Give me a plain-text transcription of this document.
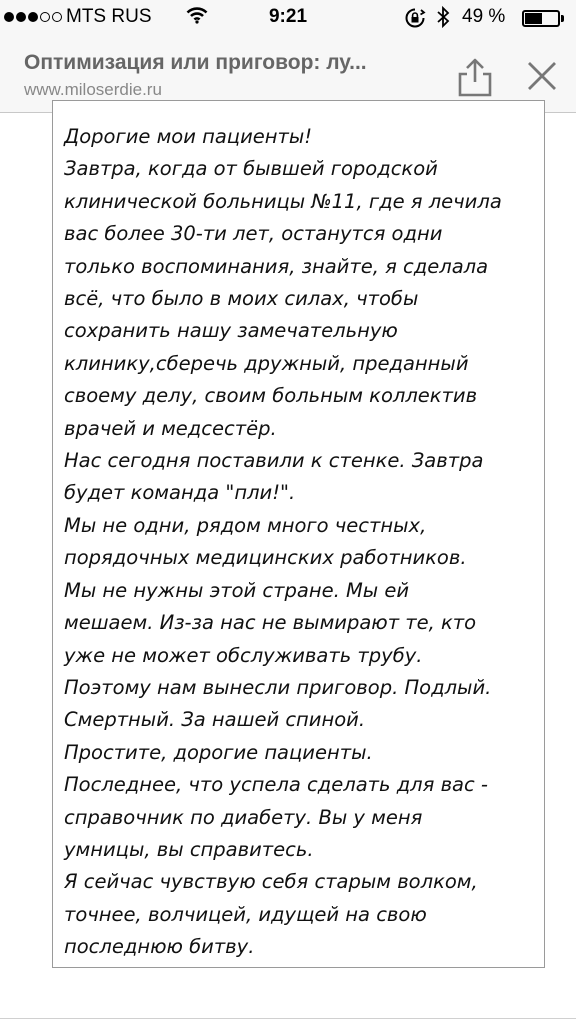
MTS RUS	9:21	49 %
Оптимизация или приговор: лу...
www.miloserdie.ru
Дорогие мои пациенты!
Завтра, когда от бывшей городской
клинической больницы №11, где я лечила
вас более 30-ти лет, останутся одни
только воспоминания, знайте, я сделала
всё, что было в моих силах, чтобы
сохранить нашу замечательную
клинику,сберечь дружный, преданный
своему делу, своим больным коллектив
врачей и медсестёр.
Нас сегодня поставили к стенке. Завтра
будет команда "пли!".
Мы не одни, рядом много честных,
порядочных медицинских работников.
Мы не нужны этой стране. Мы ей
мешаем. Из-за нас не вымирают те, кто
уже не может обслуживать трубу.
Поэтому нам вынесли приговор. Подлый.
Смертный. За нашей спиной.
Простите, дорогие пациенты.
Последнее, что успела сделать для вас -
справочник по диабету. Вы у меня
умницы, вы справитесь.
Я сейчас чувствую себя старым волком,
точнее, волчицей, идущей на свою
последнюю битву.
